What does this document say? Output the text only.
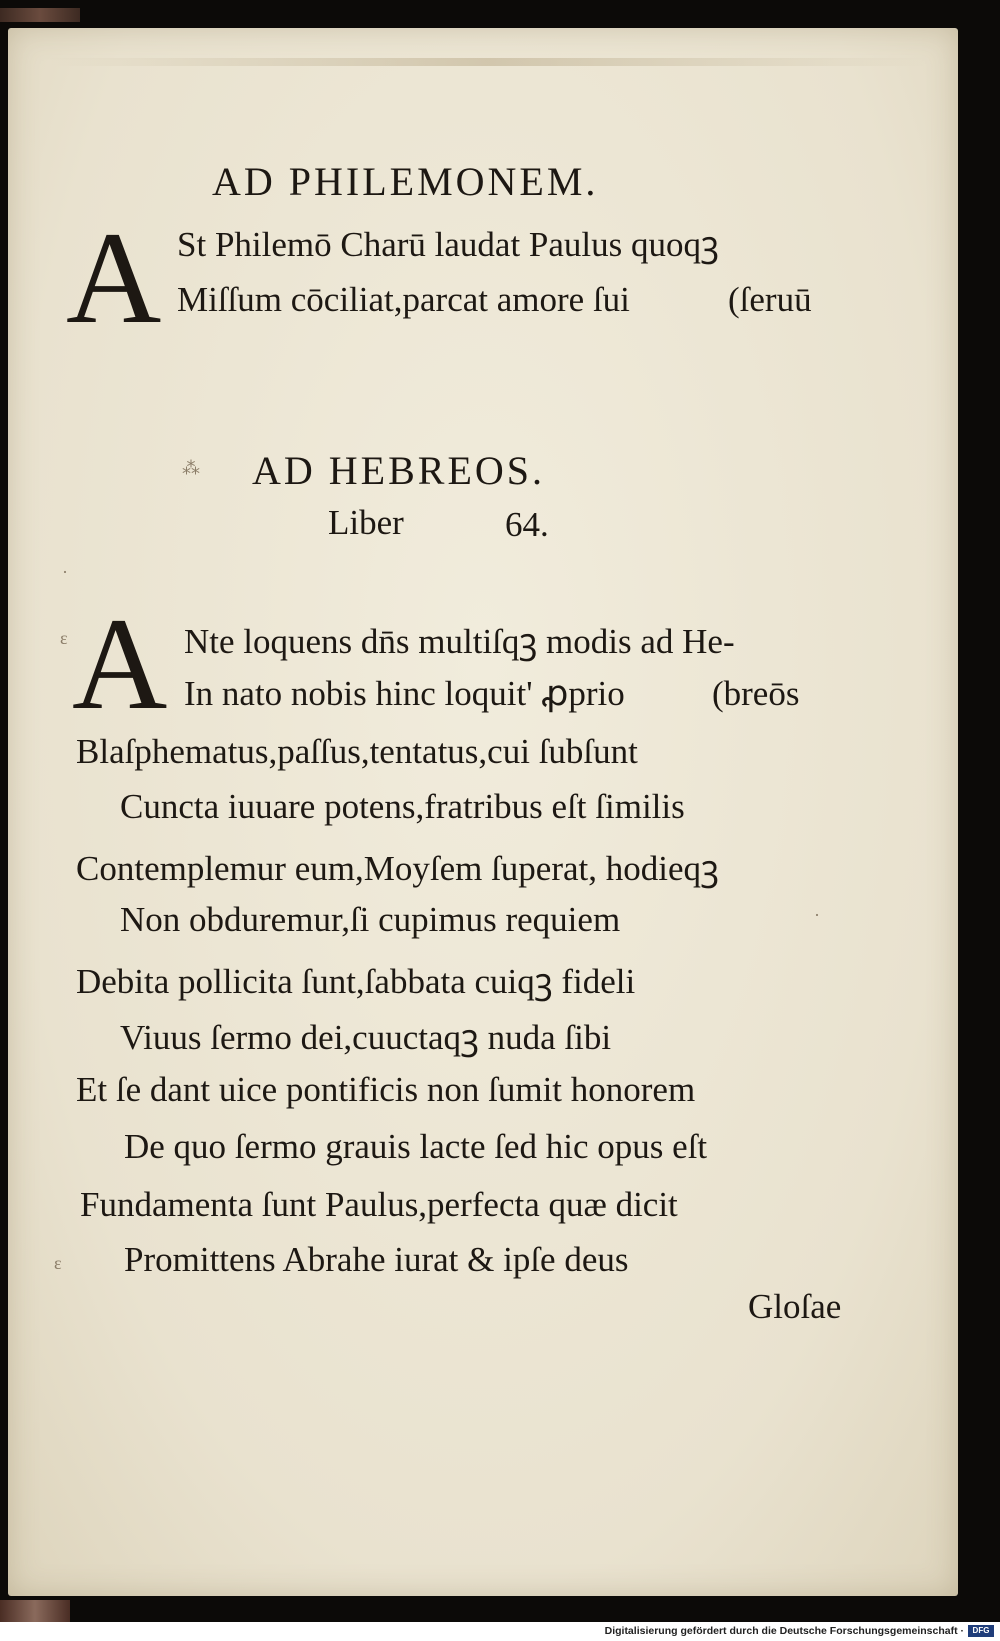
AD PHILEMONEM.
A St Philemō Charū laudat Paulus quoqꝫ
Miſſum cōciliat,parcat amore ſui	(ſeruū
⁂ AD HEBREOS.
Liber	64.
·
ε A Nte loquens dn̄s multiſqꝫ modis ad He-
In nato nobis hinc loquit' ꝓprio (breōs
Blaſphematus,paſſus,tentatus,cui ſubſunt
Cuncta iuuare potens,fratribus eſt ſimilis
Contemplemur eum,Moyſem ſuperat, hodieqꝫ
Non obduremur,ſi cupimus requiem
Debita pollicita ſunt,ſabbata cuiqꝫ fideli
Viuus ſermo dei,cuuctaqꝫ nuda ſibi
Et ſe dant uice pontificis non ſumit honorem
De quo ſermo grauis lacte ſed hic opus eſt
Fundamenta ſunt Paulus,perfecta quæ dicit
Promittens Abrahe iurat & ipſe deus
ε
·
Gloſae
Digitalisierung gefördert durch die Deutsche Forschungsgemeinschaft ·	DFG
